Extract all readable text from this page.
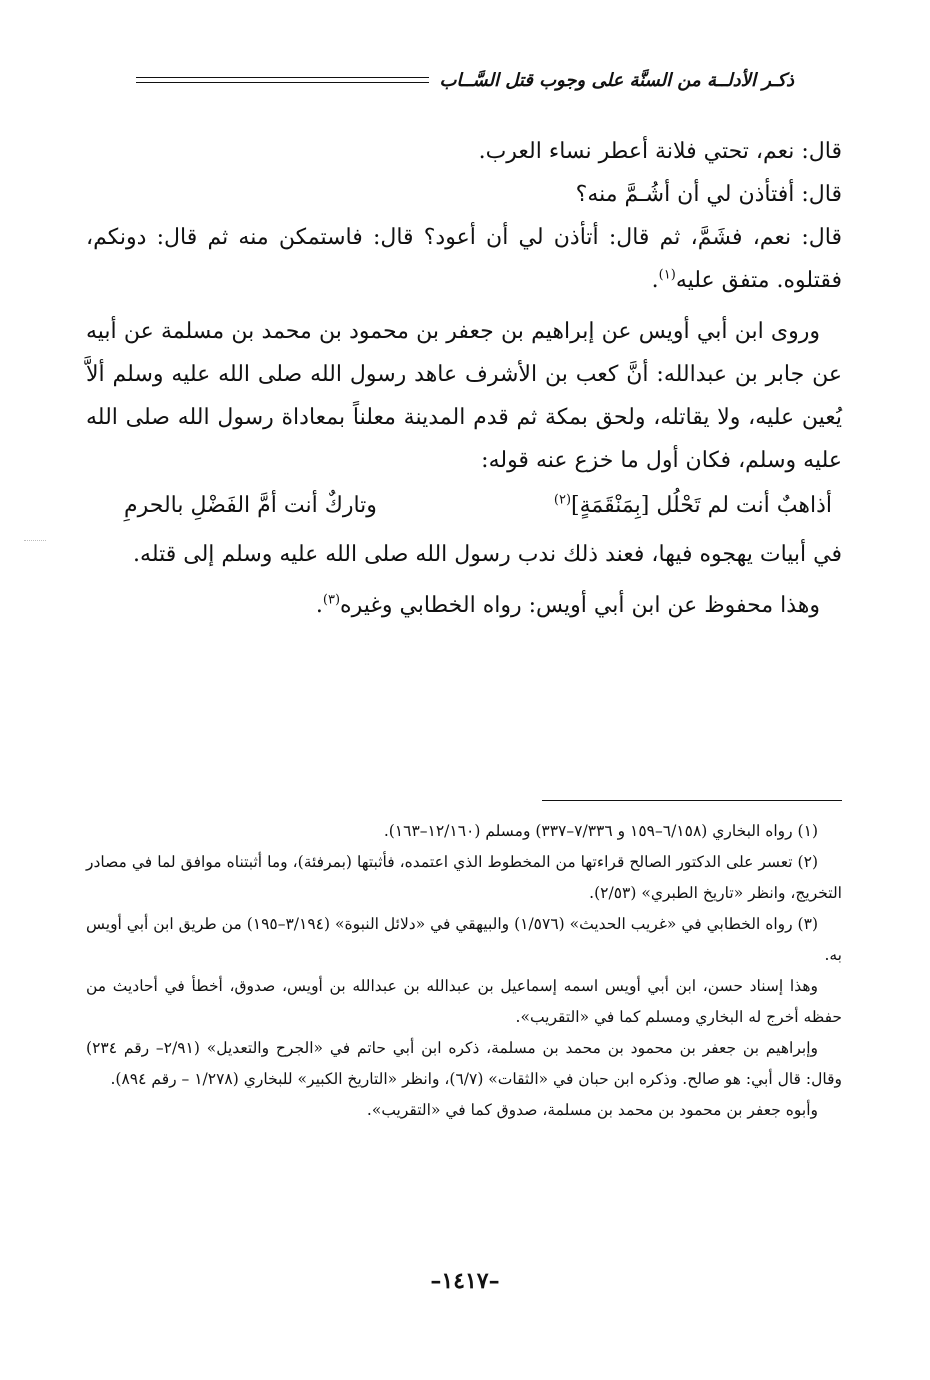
ذكـر الأدلــة من السنَّة على وجوب قتل السَّــاب

قال: نعم، تحتي فلانة أعطر نساء العرب.

قال: أفتأذن لي أن أشُـمَّ منه؟

قال: نعم، فشَمَّ، ثم قال: أتأذن لي أن أعود؟ قال: فاستمكن منه ثم قال: دونكم، فقتلوه. متفق عليه$^{(١)}$.

وروى ابن أبي أويس عن إبراهيم بن جعفر بن محمود بن محمد بن مسلمة عن أبيه عن جابر بن عبدالله: أنَّ كعب بن الأشرف عاهد رسول الله صلى الله عليه وسلم ألاَّ يُعين عليه، ولا يقاتله، ولحق بمكة ثم قدم المدينة معلناً بمعاداة رسول الله صلى الله عليه وسلم، فكان أول ما خزع عنه قوله:

أذاهبٌ أنت لم تَحْلُل [بِمَنْقَمَةٍ]$^{(٢)}$
وتاركٌ أنت أمَّ الفَضْلِ بالحرمِ

في أبيات يهجوه فيها، فعند ذلك ندب رسول الله صلى الله عليه وسلم إلى قتله.

وهذا محفوظ عن ابن أبي أويس: رواه الخطابي وغيره$^{(٣)}$.

(١) رواه البخاري (٦/١٥٨–١٥٩ و ٧/٣٣٦–٣٣٧) ومسلم (١٢/١٦٠–١٦٣).

(٢) تعسر على الدكتور الصالح قراءتها من المخطوط الذي اعتمده، فأثبتها (بمرفئة)، وما أثبتناه موافق لما في مصادر التخريج، وانظر «تاريخ الطبري» (٢/٥٣).

(٣) رواه الخطابي في «غريب الحديث» (١/٥٧٦) والبيهقي في «دلائل النبوة» (٣/١٩٤–١٩٥) من طريق ابن أبي أويس به.

وهذا إسناد حسن، ابن أبي أويس اسمه إسماعيل بن عبدالله بن عبدالله بن أويس، صدوق، أخطأ في أحاديث من حفظه أخرج له البخاري ومسلم كما في «التقريب».

وإبراهيم بن جعفر بن محمود بن محمد بن مسلمة، ذكره ابن أبي حاتم في «الجرح والتعديل» (٢/٩١– رقم ٢٣٤) وقال: قال أبي: هو صالح. وذكره ابن حبان في «الثقات» (٦/٧)، وانظر «التاريخ الكبير» للبخاري (١/٢٧٨ – رقم ٨٩٤).

وأبوه جعفر بن محمود بن محمد بن مسلمة، صدوق كما في «التقريب».

–١٤١٧–
